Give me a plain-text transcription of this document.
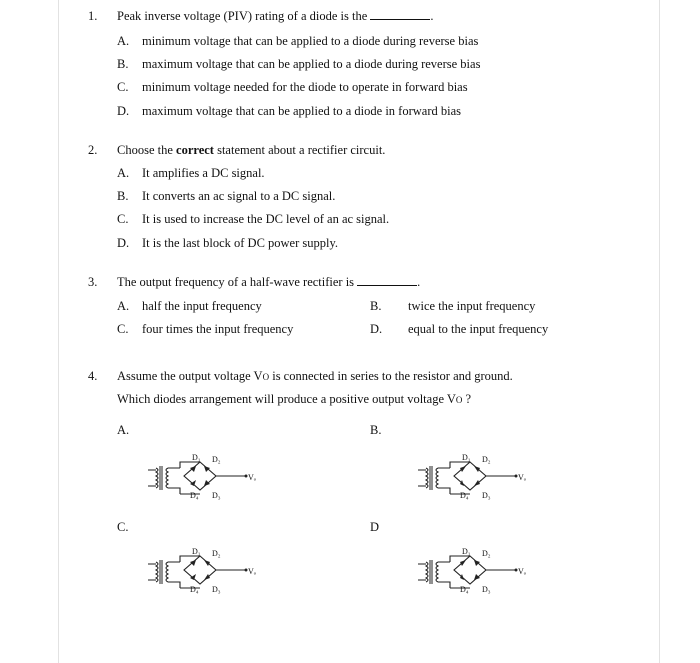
1.	Peak inverse voltage (PIV) rating of a diode is the	.
A. minimum voltage that can be applied to a diode during reverse bias
B. maximum voltage that can be applied to a diode during reverse bias
C. minimum voltage needed for the diode to operate in forward bias
D. maximum voltage that can be applied to a diode in forward bias
2.	Choose the correct statement about a rectifier circuit.
A. It amplifies a DC signal.
B. It converts an ac signal to a DC signal.
C. It is used to increase the DC level of an ac signal.
D. It is the last block of DC power supply.
3.	The output frequency of a half-wave rectifier is	.
A. half the input frequency	B. twice the input frequency
C. four times the input frequency	D. equal to the input frequency
4.	Assume the output voltage VO is connected in series to the resistor and ground.
Which diodes arrangement will produce a positive output voltage VO ?
A.	B.
C.	D
D₁ D₂
D₃
D₄
Vₒ
D₁ D₂
D₃
D₄
Vₒ
D₁ D₂
D₃
D₄
Vₒ
D₁ D₂
D₃
D₄
Vₒ
